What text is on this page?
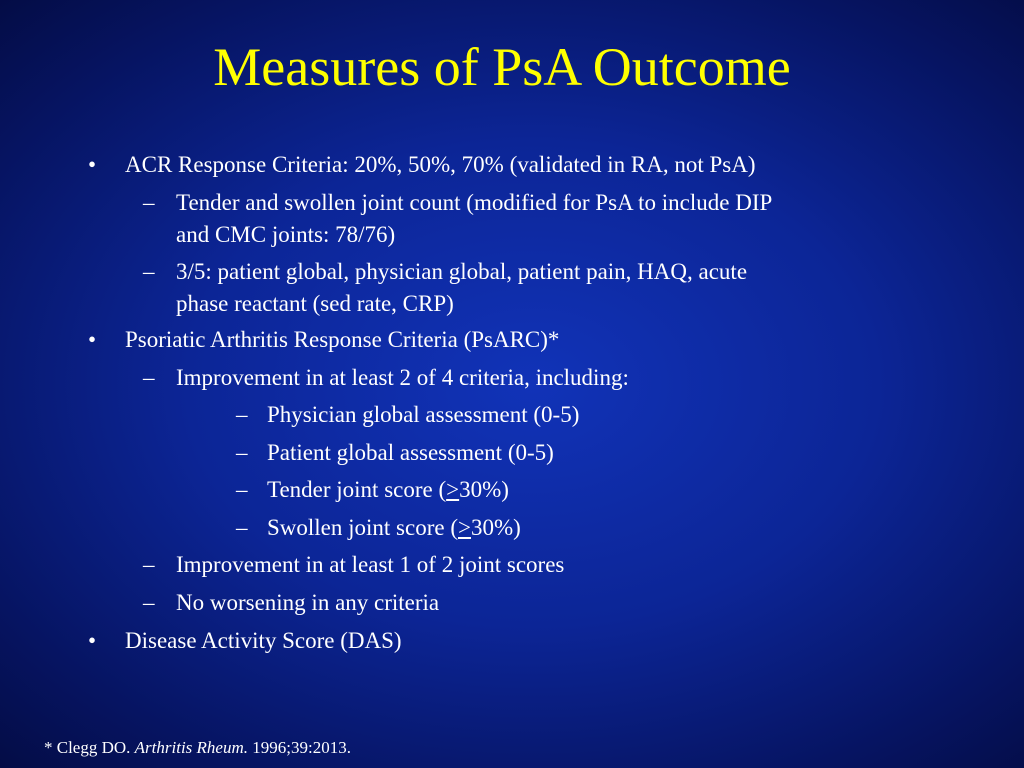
Measures of PsA Outcome
• ACR Response Criteria: 20%, 50%, 70% (validated in RA, not PsA)
– Tender and swollen joint count (modified for PsA to include DIP
and CMC joints: 78/76)
– 3/5: patient global, physician global, patient pain, HAQ, acute
phase reactant (sed rate, CRP)
• Psoriatic Arthritis Response Criteria (PsARC)*
– Improvement in at least 2 of 4 criteria, including:
– Physician global assessment (0-5)
– Patient global assessment (0-5)
– Tender joint score (≥30%)
– Swollen joint score (≥30%)
– Improvement in at least 1 of 2 joint scores
– No worsening in any criteria
• Disease Activity Score (DAS)
* Clegg DO. Arthritis Rheum. 1996;39:2013.
